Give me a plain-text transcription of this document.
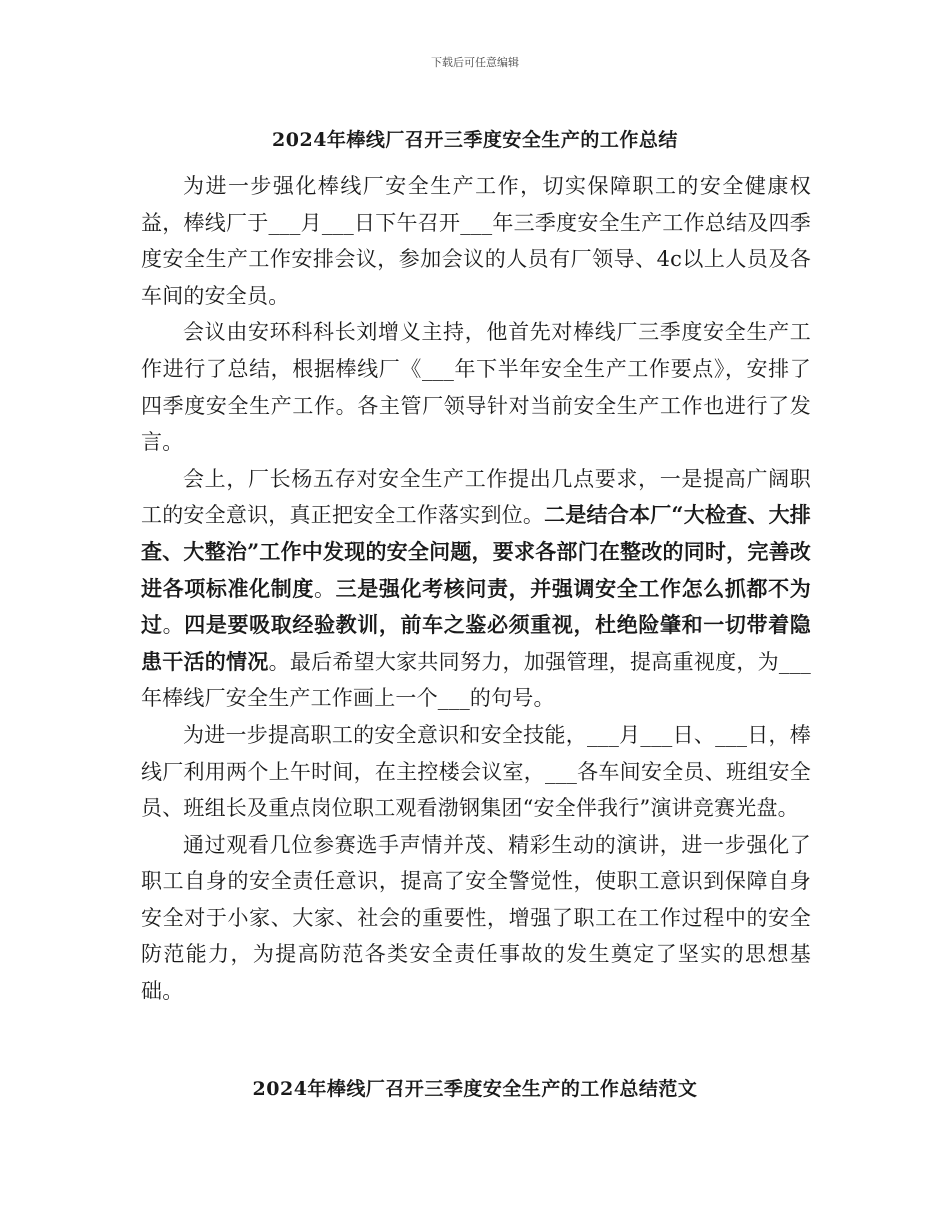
下载后可任意编辑
2024年棒线厂召开三季度安全生产的工作总结

为进一步强化棒线厂安全生产工作，切实保障职工的安全健康权益，棒线厂于___月___日下午召开___年三季度安全生产工作总结及四季度安全生产工作安排会议，参加会议的人员有厂领导、4c以上人员及各车间的安全员。

会议由安环科科长刘增义主持，他首先对棒线厂三季度安全生产工作进行了总结，根据棒线厂《___年下半年安全生产工作要点》，安排了四季度安全生产工作。各主管厂领导针对当前安全生产工作也进行了发言。

会上，厂长杨五存对安全生产工作提出几点要求，一是提高广阔职工的安全意识，真正把安全工作落实到位。二是结合本厂“大检查、大排查、大整治”工作中发现的安全问题，要求各部门在整改的同时，完善改进各项标准化制度。三是强化考核问责，并强调安全工作怎么抓都不为过。四是要吸取经验教训，前车之鉴必须重视，杜绝险肇和一切带着隐患干活的情况。最后希望大家共同努力，加强管理，提高重视度，为___年棒线厂安全生产工作画上一个___的句号。

为进一步提高职工的安全意识和安全技能，___月___日、___日，棒线厂利用两个上午时间，在主控楼会议室，___各车间安全员、班组安全员、班组长及重点岗位职工观看渤钢集团“安全伴我行”演讲竞赛光盘。

通过观看几位参赛选手声情并茂、精彩生动的演讲，进一步强化了职工自身的安全责任意识，提高了安全警觉性，使职工意识到保障自身安全对于小家、大家、社会的重要性，增强了职工在工作过程中的安全防范能力，为提高防范各类安全责任事故的发生奠定了坚实的思想基础。

2024年棒线厂召开三季度安全生产的工作总结范文
